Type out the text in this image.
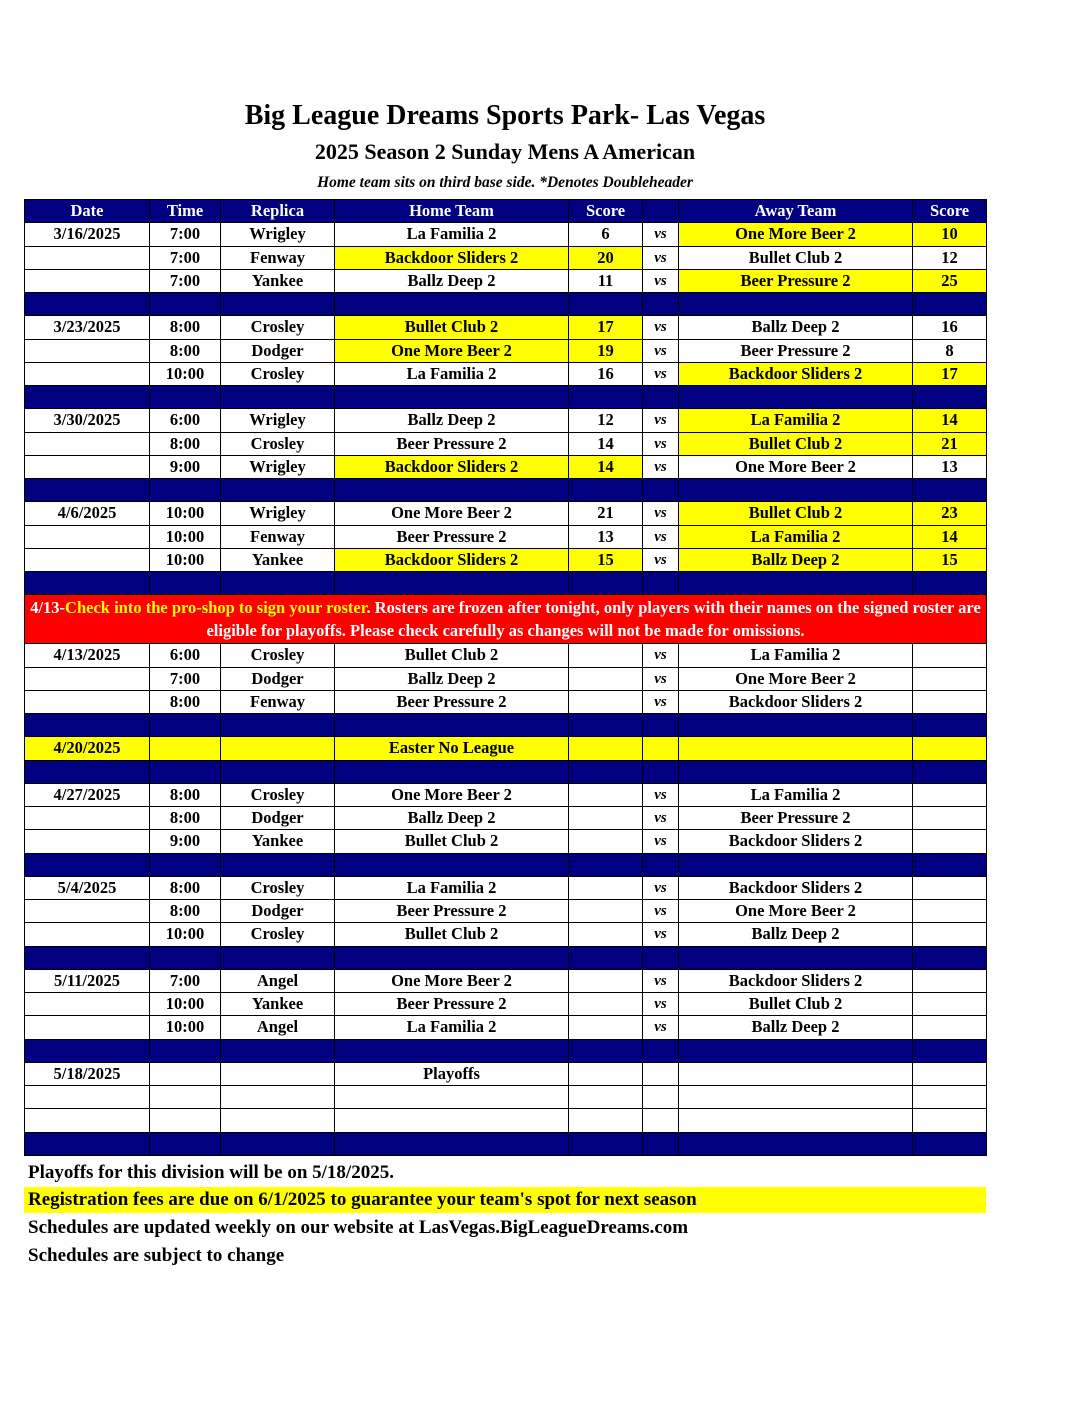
Big League Dreams Sports Park- Las Vegas
2025 Season 2 Sunday Mens A American
Home team sits on third base side. *Denotes Doubleheader
Date	Time	Replica	Home Team	Score		Away Team	Score
3/16/2025	7:00	Wrigley	La Familia 2	6	vs	One More Beer 2	10
	7:00	Fenway	Backdoor Sliders 2	20	vs	Bullet Club 2	12
	7:00	Yankee	Ballz Deep 2	11	vs	Beer Pressure 2	25

3/23/2025	8:00	Crosley	Bullet Club 2	17	vs	Ballz Deep 2	16
	8:00	Dodger	One More Beer 2	19	vs	Beer Pressure 2	8
	10:00	Crosley	La Familia 2	16	vs	Backdoor Sliders 2	17

3/30/2025	6:00	Wrigley	Ballz Deep 2	12	vs	La Familia 2	14
	8:00	Crosley	Beer Pressure 2	14	vs	Bullet Club 2	21
	9:00	Wrigley	Backdoor Sliders 2	14	vs	One More Beer 2	13

4/6/2025	10:00	Wrigley	One More Beer 2	21	vs	Bullet Club 2	23
	10:00	Fenway	Beer Pressure 2	13	vs	La Familia 2	14
	10:00	Yankee	Backdoor Sliders 2	15	vs	Ballz Deep 2	15

4/13-Check into the pro-shop to sign your roster. Rosters are frozen after tonight, only players with their names on the signed roster are eligible for playoffs. Please check carefully as changes will not be made for omissions.							
4/13/2025	6:00	Crosley	Bullet Club 2		vs	La Familia 2	
	7:00	Dodger	Ballz Deep 2		vs	One More Beer 2	
	8:00	Fenway	Beer Pressure 2		vs	Backdoor Sliders 2	

4/20/2025			Easter No League				

4/27/2025	8:00	Crosley	One More Beer 2		vs	La Familia 2	
	8:00	Dodger	Ballz Deep 2		vs	Beer Pressure 2	
	9:00	Yankee	Bullet Club 2		vs	Backdoor Sliders 2	

5/4/2025	8:00	Crosley	La Familia 2		vs	Backdoor Sliders 2	
	8:00	Dodger	Beer Pressure 2		vs	One More Beer 2	
	10:00	Crosley	Bullet Club 2		vs	Ballz Deep 2	

5/11/2025	7:00	Angel	One More Beer 2		vs	Backdoor Sliders 2	
	10:00	Yankee	Beer Pressure 2		vs	Bullet Club 2	
	10:00	Angel	La Familia 2		vs	Ballz Deep 2	

5/18/2025			Playoffs				

Playoffs for this division will be on 5/18/2025.
Registration fees are due on 6/1/2025 to guarantee your team's spot for next season
Schedules are updated weekly on our website at LasVegas.BigLeagueDreams.com
Schedules are subject to change
